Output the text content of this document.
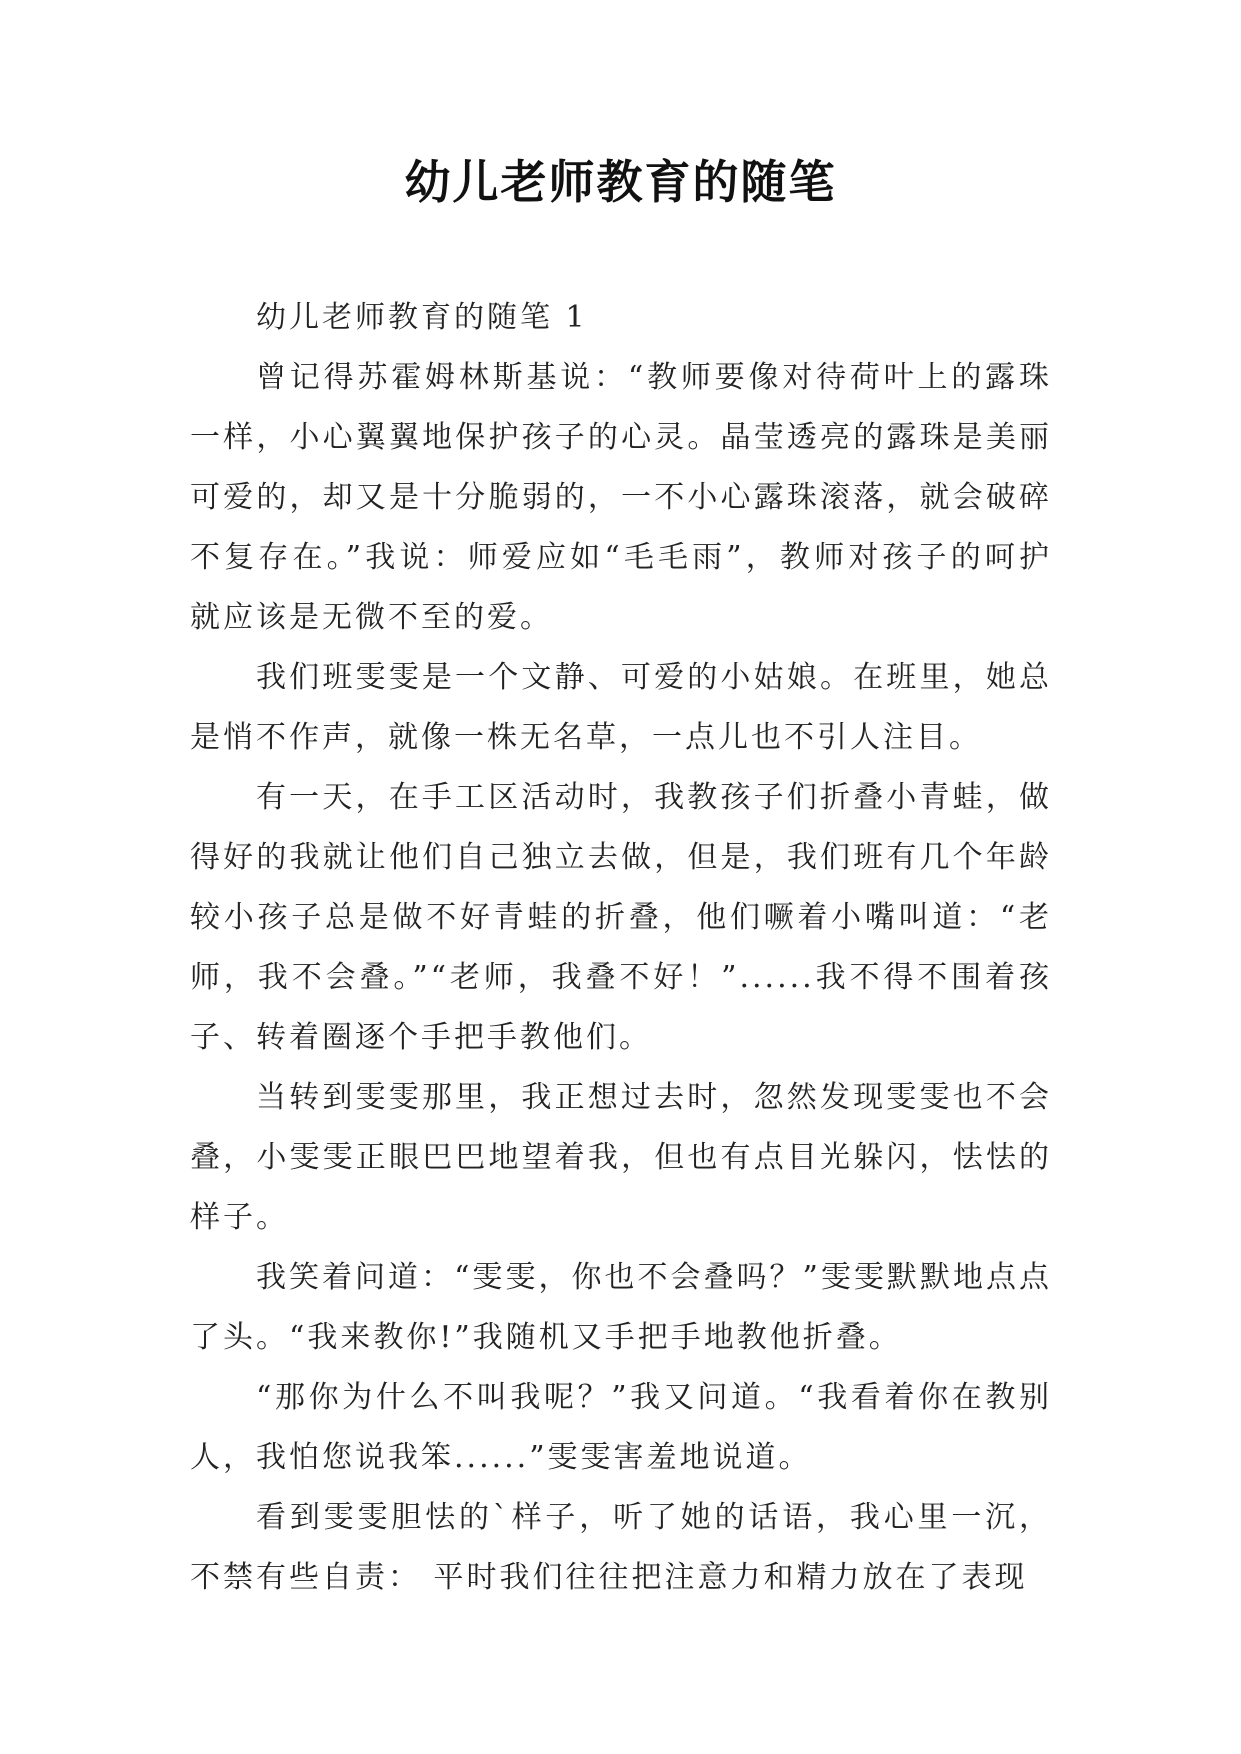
幼儿老师教育的随笔

幼儿老师教育的随笔 1

曾记得苏霍姆林斯基说：“教师要像对待荷叶上的露珠一样，小心翼翼地保护孩子的心灵。晶莹透亮的露珠是美丽可爱的，却又是十分脆弱的，一不小心露珠滚落，就会破碎不复存在。”我说：师爱应如“毛毛雨”，教师对孩子的呵护就应该是无微不至的爱。

我们班雯雯是一个文静、可爱的小姑娘。在班里，她总是悄不作声，就像一株无名草，一点儿也不引人注目。

有一天，在手工区活动时，我教孩子们折叠小青蛙，做得好的我就让他们自己独立去做，但是，我们班有几个年龄较小孩子总是做不好青蛙的折叠，他们噘着小嘴叫道：“老师，我不会叠。”“老师，我叠不好！”......我不得不围着孩子、转着圈逐个手把手教他们。

当转到雯雯那里，我正想过去时，忽然发现雯雯也不会叠，小雯雯正眼巴巴地望着我，但也有点目光躲闪，怯怯的样子。

我笑着问道：“雯雯，你也不会叠吗？”雯雯默默地点点了头。“我来教你!”我随机又手把手地教他折叠。

“那你为什么不叫我呢？”我又问道。“我看着你在教别人，我怕您说我笨......”雯雯害羞地说道。

看到雯雯胆怯的`样子，听了她的话语，我心里一沉，不禁有些自责： 平时我们往往把注意力和精力放在了表现
